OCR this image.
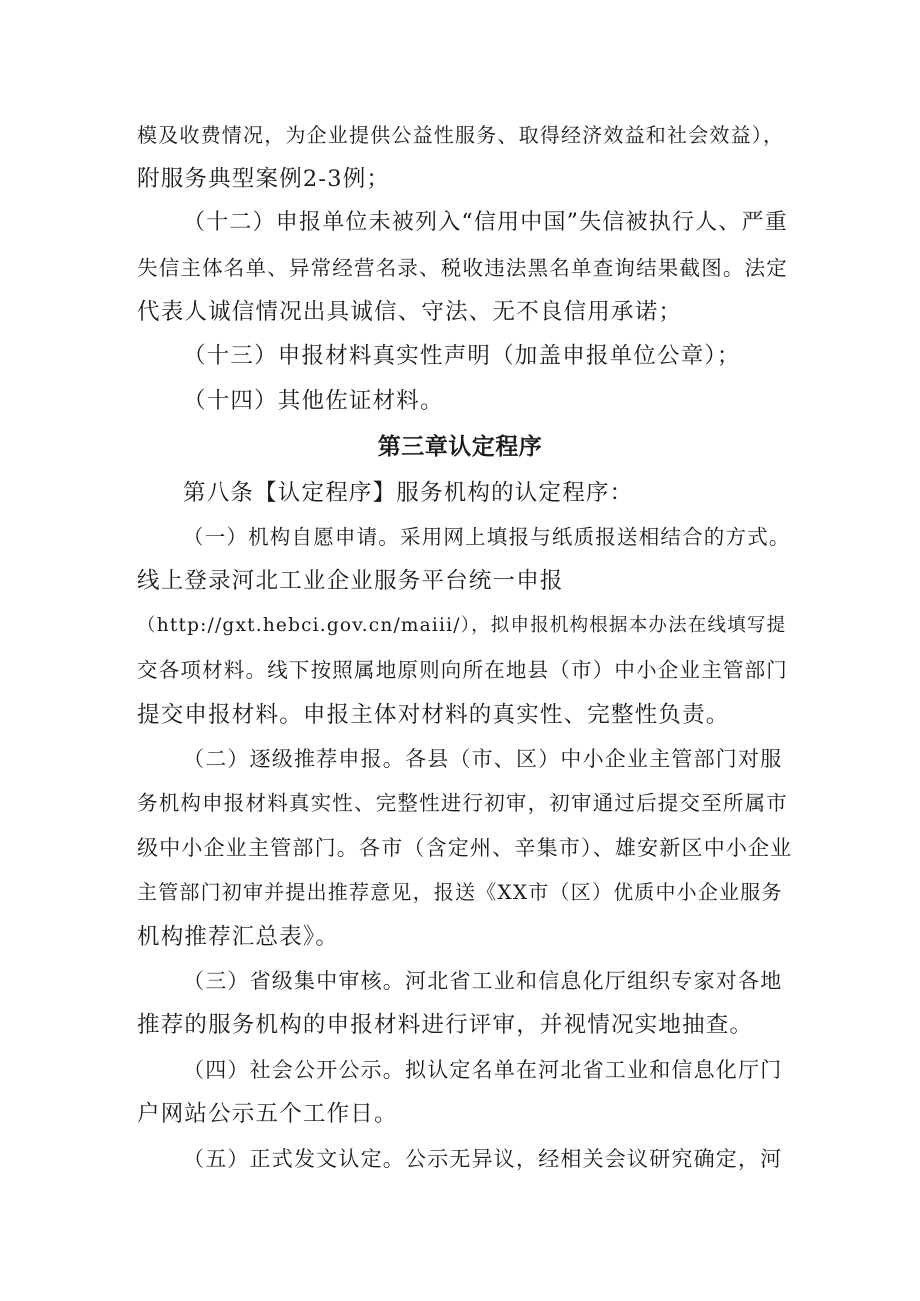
模及收费情况，为企业提供公益性服务、取得经济效益和社会效益），
附服务典型案例2-3例；
（十二）申报单位未被列入“信用中国”失信被执行人、严重
失信主体名单、异常经营名录、税收违法黑名单查询结果截图。法定
代表人诚信情况出具诚信、守法、无不良信用承诺；
（十三）申报材料真实性声明（加盖申报单位公章）；
（十四）其他佐证材料。
第三章认定程序
第八条【认定程序】服务机构的认定程序：
（一）机构自愿申请。采用网上填报与纸质报送相结合的方式。
线上登录河北工业企业服务平台统一申报
（http://gxt.hebci.gov.cn/maiii/），拟申报机构根据本办法在线填写提
交各项材料。线下按照属地原则向所在地县（市）中小企业主管部门
提交申报材料。申报主体对材料的真实性、完整性负责。
（二）逐级推荐申报。各县（市、区）中小企业主管部门对服
务机构申报材料真实性、完整性进行初审，初审通过后提交至所属市
级中小企业主管部门。各市（含定州、辛集市）、雄安新区中小企业
主管部门初审并提出推荐意见，报送《XX市（区）优质中小企业服务
机构推荐汇总表》。
（三）省级集中审核。河北省工业和信息化厅组织专家对各地
推荐的服务机构的申报材料进行评审，并视情况实地抽查。
（四）社会公开公示。拟认定名单在河北省工业和信息化厅门
户网站公示五个工作日。
（五）正式发文认定。公示无异议，经相关会议研究确定，河
